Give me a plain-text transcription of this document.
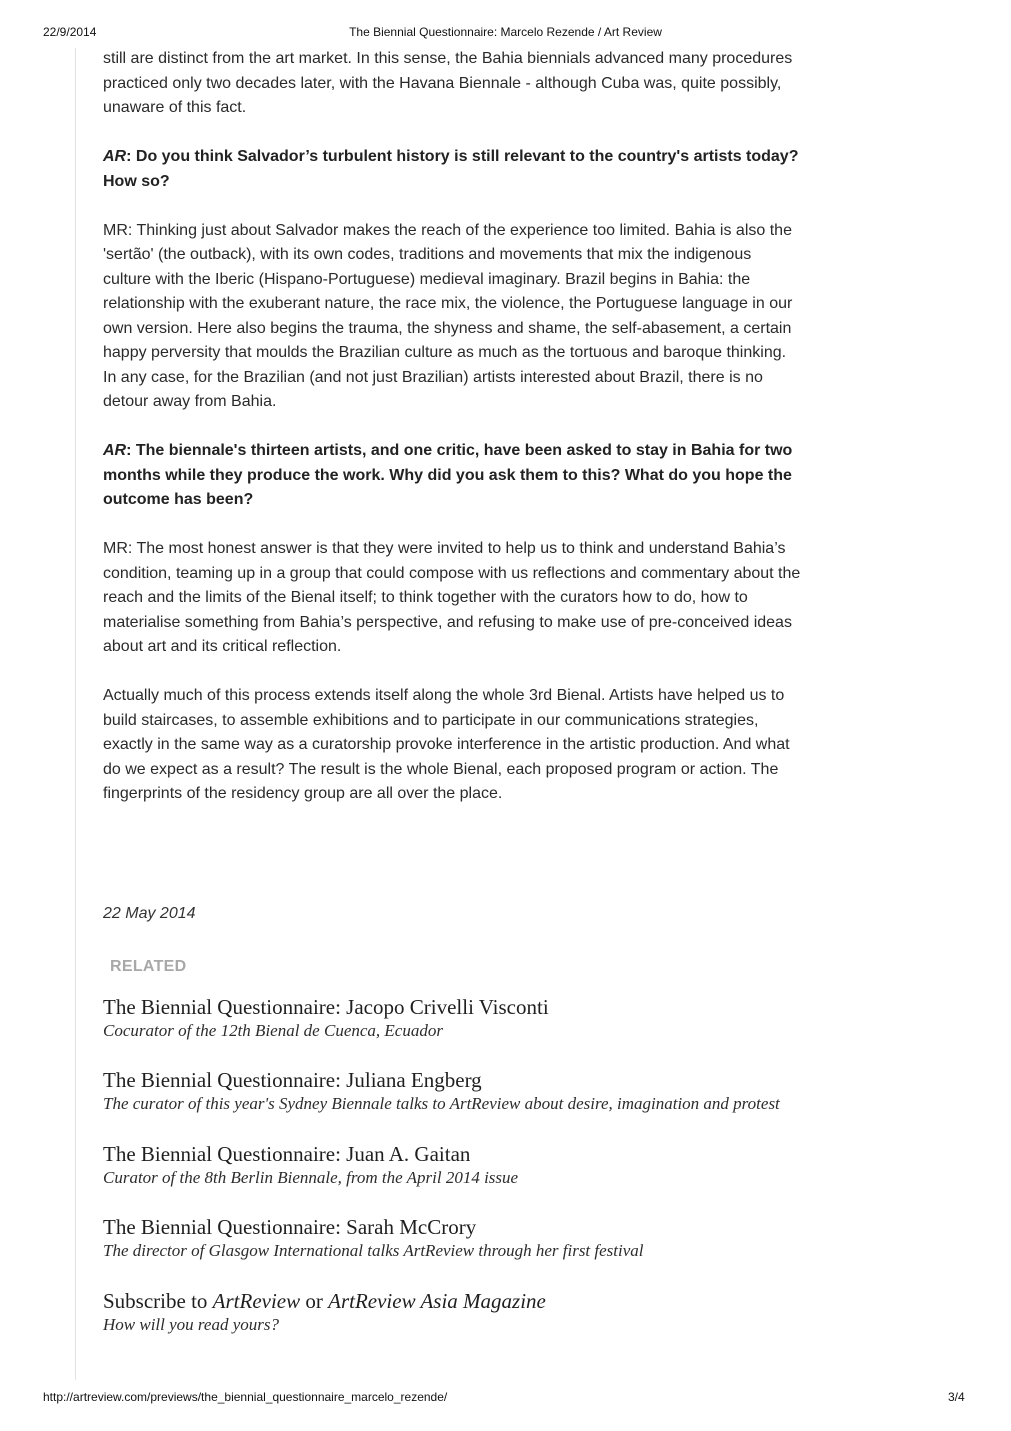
22/9/2014	The Biennial Questionnaire: Marcelo Rezende / Art Review

still are distinct from the art market. In this sense, the Bahia biennials advanced many procedures practiced only two decades later, with the Havana Biennale - although Cuba was, quite possibly, unaware of this fact.

AR: Do you think Salvador’s turbulent history is still relevant to the country's artists today? How so?

MR: Thinking just about Salvador makes the reach of the experience too limited. Bahia is also the 'sertão' (the outback), with its own codes, traditions and movements that mix the indigenous culture with the Iberic (Hispano-Portuguese) medieval imaginary. Brazil begins in Bahia: the relationship with the exuberant nature, the race mix, the violence, the Portuguese language in our own version. Here also begins the trauma, the shyness and shame, the self-abasement, a certain happy perversity that moulds the Brazilian culture as much as the tortuous and baroque thinking. In any case, for the Brazilian (and not just Brazilian) artists interested about Brazil, there is no detour away from Bahia.

AR: The biennale's thirteen artists, and one critic, have been asked to stay in Bahia for two months while they produce the work. Why did you ask them to this? What do you hope the outcome has been?

MR: The most honest answer is that they were invited to help us to think and understand Bahia’s condition, teaming up in a group that could compose with us reflections and commentary about the reach and the limits of the Bienal itself; to think together with the curators how to do, how to materialise something from Bahia’s perspective, and refusing to make use of pre-conceived ideas about art and its critical reflection.

Actually much of this process extends itself along the whole 3rd Bienal. Artists have helped us to build staircases, to assemble exhibitions and to participate in our communications strategies, exactly in the same way as a curatorship provoke interference in the artistic production. And what do we expect as a result? The result is the whole Bienal, each proposed program or action. The fingerprints of the residency group are all over the place.

22 May 2014
RELATED
The Biennial Questionnaire: Jacopo Crivelli Visconti
Cocurator of the 12th Bienal de Cuenca, Ecuador
The Biennial Questionnaire: Juliana Engberg
The curator of this year's Sydney Biennale talks to ArtReview about desire, imagination and protest
The Biennial Questionnaire: Juan A. Gaitan
Curator of the 8th Berlin Biennale, from the April 2014 issue
The Biennial Questionnaire: Sarah McCrory
The director of Glasgow International talks ArtReview through her first festival
Subscribe to ArtReview or ArtReview Asia Magazine
How will you read yours?
http://artreview.com/previews/the_biennial_questionnaire_marcelo_rezende/	3/4
